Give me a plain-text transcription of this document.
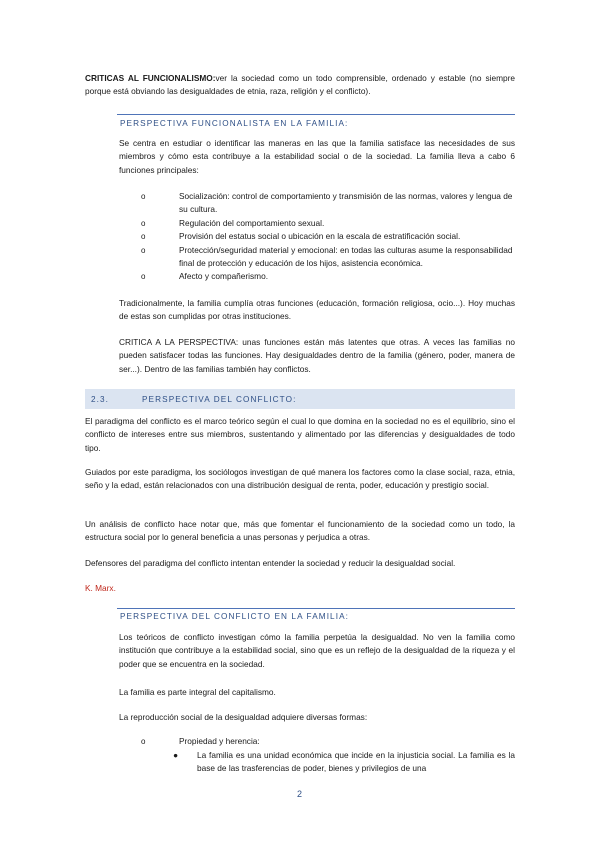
CRITICAS AL FUNCIONALISMO:ver la sociedad como un todo comprensible, ordenado y estable (no siempre porque está obviando las desigualdades de etnia, raza, religión y el conflicto).

PERSPECTIVA FUNCIONALISTA EN LA FAMILIA:
Se centra en estudiar o identificar las maneras en las que la familia satisface las necesidades de sus miembros y cómo esta contribuye a la estabilidad social o de la sociedad. La familia lleva a cabo 6 funciones principales:
o	Socialización: control de comportamiento y transmisión de las normas, valores y lengua de su cultura.
o	Regulación del comportamiento sexual.
o	Provisión del estatus social o ubicación en la escala de estratificación social.
o	Protección/seguridad material y emocional: en todas las culturas asume la responsabilidad final de protección y educación de los hijos, asistencia económica.
o	Afecto y compañerismo.
Tradicionalmente, la familia cumplía otras funciones (educación, formación religiosa, ocio...). Hoy muchas de estas son cumplidas por otras instituciones.
CRITICA A LA PERSPECTIVA: unas funciones están más latentes que otras. A veces las familias no pueden satisfacer todas las funciones. Hay desigualdades dentro de la familia (género, poder, manera de ser...). Dentro de las familias también hay conflictos.
2.3.	PERSPECTIVA DEL CONFLICTO:
El paradigma del conflicto es el marco teórico según el cual lo que domina en la sociedad no es el equilibrio, sino el conflicto de intereses entre sus miembros, sustentando y alimentado por las diferencias y desigualdades de todo tipo.
Guiados por este paradigma, los sociólogos investigan de qué manera los factores como la clase social, raza, etnia, seño y la edad, están relacionados con una distribución desigual de renta, poder, educación y prestigio social.
Un análisis de conflicto hace notar que, más que fomentar el funcionamiento de la sociedad como un todo, la estructura social por lo general beneficia a unas personas y perjudica a otras.
Defensores del paradigma del conflicto intentan entender la sociedad y reducir la desigualdad social.
K. Marx.
PERSPECTIVA DEL CONFLICTO EN LA FAMILIA:
Los teóricos de conflicto investigan cómo la familia perpetúa la desigualdad. No ven la familia como institución que contribuye a la estabilidad social, sino que es un reflejo de la desigualdad de la riqueza y el poder que se encuentra en la sociedad.
La familia es parte integral del capitalismo.
La reproducción social de la desigualdad adquiere diversas formas:
o	Propiedad y herencia:
● La familia es una unidad económica que incide en la injusticia social. La familia es la base de las trasferencias de poder, bienes y privilegios de una
2
